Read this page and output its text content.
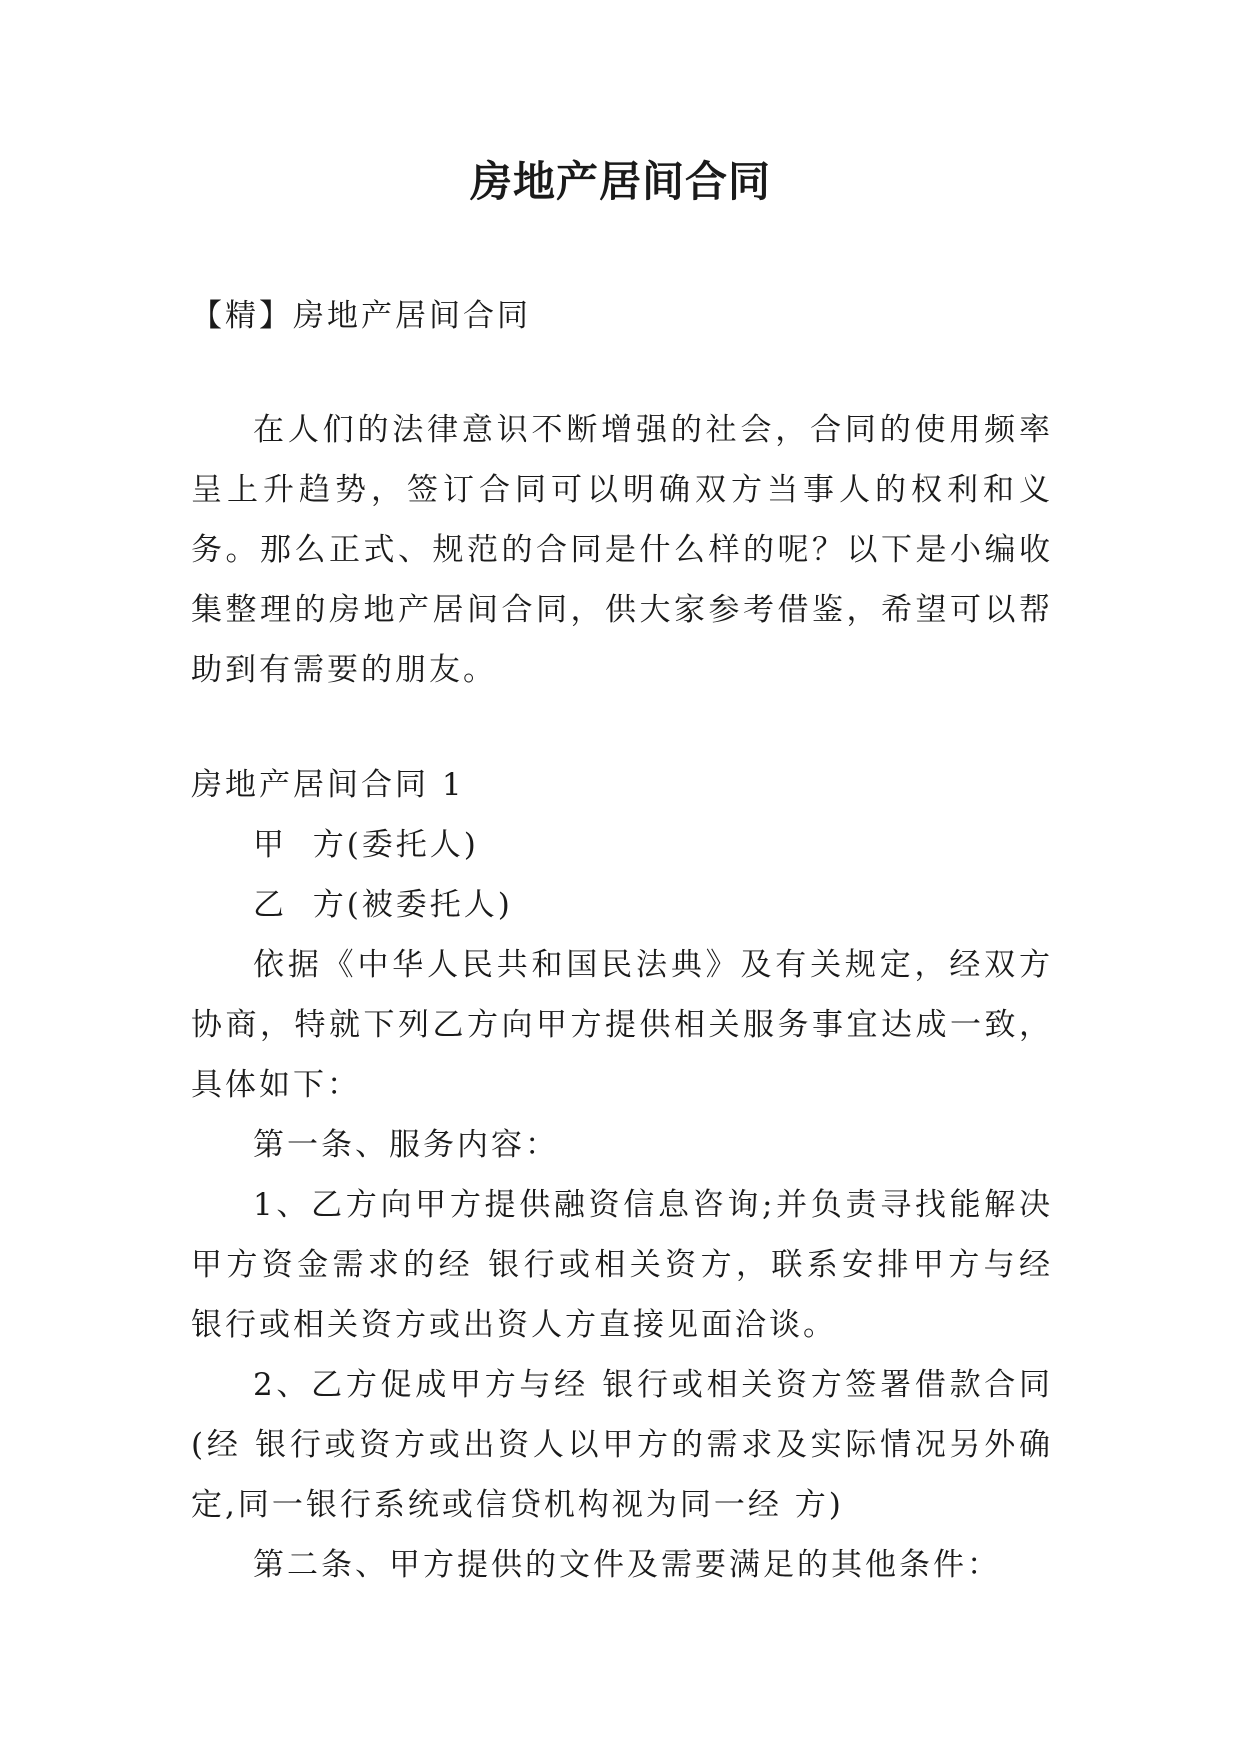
房地产居间合同

【精】房地产居间合同

在人们的法律意识不断增强的社会，合同的使用频率呈上升趋势，签订合同可以明确双方当事人的权利和义务。那么正式、规范的合同是什么样的呢？以下是小编收集整理的房地产居间合同，供大家参考借鉴，希望可以帮助到有需要的朋友。

房地产居间合同 1

甲  方(委托人)

乙  方(被委托人)

依据《中华人民共和国民法典》及有关规定，经双方协商，特就下列乙方向甲方提供相关服务事宜达成一致，具体如下：

第一条、服务内容：

1、乙方向甲方提供融资信息咨询;并负责寻找能解决甲方资金需求的经 银行或相关资方，联系安排甲方与经 银行或相关资方或出资人方直接见面洽谈。

2、乙方促成甲方与经 银行或相关资方签署借款合同(经 银行或资方或出资人以甲方的需求及实际情况另外确定,同一银行系统或信贷机构视为同一经 方)

第二条、甲方提供的文件及需要满足的其他条件：
